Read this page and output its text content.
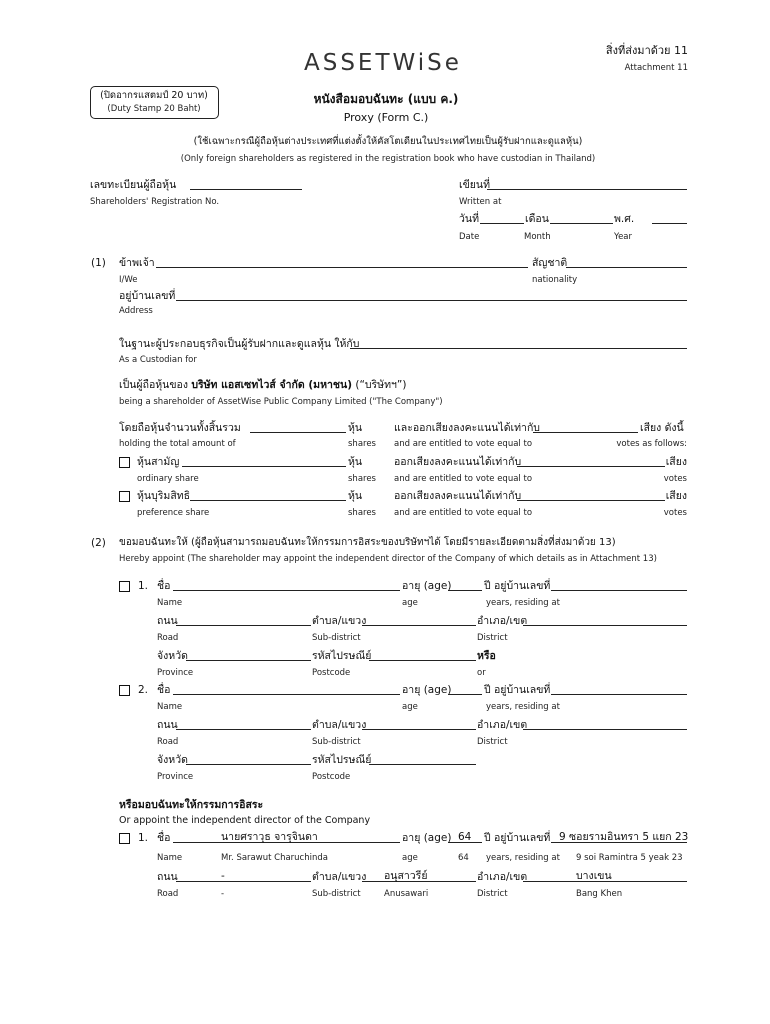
สิ่งที่ส่งมาด้วย 11
Attachment 11
ASSETWiSe
(ปิดอากรแสตมป์ 20 บาท)
(Duty Stamp 20 Baht)
หนังสือมอบฉันทะ (แบบ ค.)
Proxy (Form C.)
(ใช้เฉพาะกรณีผู้ถือหุ้นต่างประเทศที่แต่งตั้งให้คัสโตเดียนในประเทศไทยเป็นผู้รับฝากและดูแลหุ้น)
(Only foreign shareholders as registered in the registration book who have custodian in Thailand)
เลขทะเบียนผู้ถือหุ้น
Shareholders' Registration No.
เขียนที่
Written at
วันที่	เดือน	พ.ศ.
Date	Month	Year
(1) ข้าพเจ้า	สัญชาติ
I/We	nationality
อยู่บ้านเลขที่
Address
ในฐานะผู้ประกอบธุรกิจเป็นผู้รับฝากและดูแลหุ้น ให้กับ
As a Custodian for
เป็นผู้ถือหุ้นของ บริษัท แอสเซทไวส์ จำกัด (มหาชน) (“บริษัทฯ”)
being a shareholder of AssetWise Public Company Limited ("The Company")
โดยถือหุ้นจำนวนทั้งสิ้นรวม	หุ้น	และออกเสียงลงคะแนนได้เท่ากับ	เสียง ดังนี้
holding the total amount of	shares and are entitled to vote equal to	votes as follows:
หุ้นสามัญ	หุ้น	ออกเสียงลงคะแนนได้เท่ากับ	เสียง
ordinary share	shares and are entitled to vote equal to	votes
หุ้นบุริมสิทธิ	หุ้น	ออกเสียงลงคะแนนได้เท่ากับ	เสียง
preference share	shares and are entitled to vote equal to	votes
(2) ขอมอบฉันทะให้ (ผู้ถือหุ้นสามารถมอบฉันทะให้กรรมการอิสระของบริษัทฯได้ โดยมีรายละเอียดตามสิ่งที่ส่งมาด้วย 13)
Hereby appoint (The shareholder may appoint the independent director of the Company of which details as in Attachment 13)
1. ชื่อ	อายุ (age)	ปี อยู่บ้านเลขที่
Name	age	years, residing at
ถนน	ตำบล/แขวง	อำเภอ/เขต
Road	Sub-district	District
จังหวัด	รหัสไปรษณีย์	หรือ
Province	Postcode	or
2. ชื่อ	อายุ (age)	ปี อยู่บ้านเลขที่
Name	age	years, residing at
ถนน	ตำบล/แขวง	อำเภอ/เขต
Road	Sub-district	District
จังหวัด	รหัสไปรษณีย์
Province	Postcode
หรือมอบฉันทะให้กรรมการอิสระ
Or appoint the independent director of the Company
1. ชื่อ	นายศราวุธ จารุจินดา	อายุ (age) 64 ปี อยู่บ้านเลขที่ 9 ซอยรามอินทรา 5 แยก 23
Name	Mr. Sarawut Charuchinda	age	64 years, residing at 9 soi Ramintra 5 yeak 23
ถนน	-	ตำบล/แขวง อนุสาวรีย์	อำเภอ/เขต	บางเขน
Road	-	Sub-district	Anusawari	District	Bang Khen
